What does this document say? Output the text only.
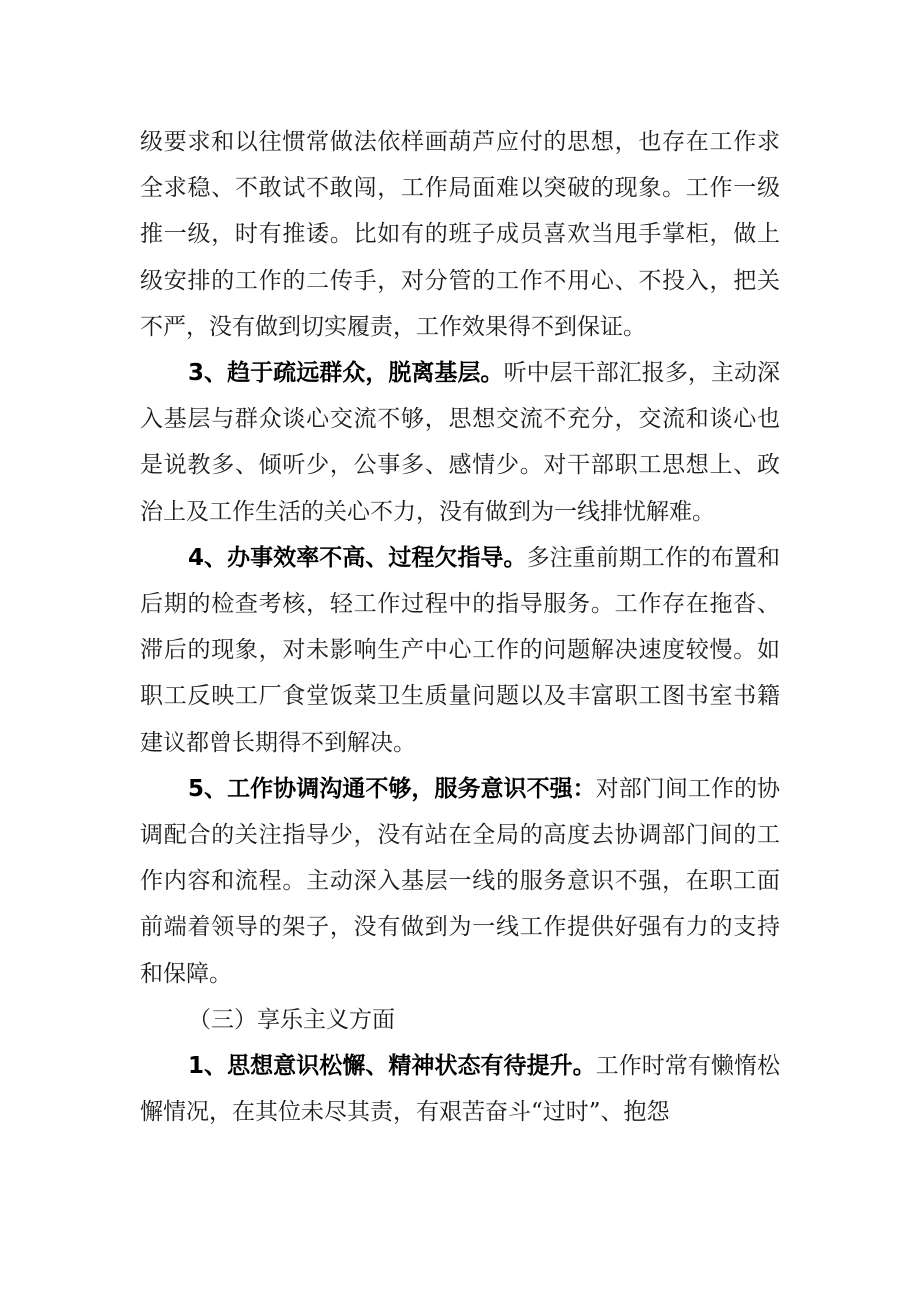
级要求和以往惯常做法依样画葫芦应付的思想，也存在工作求全求稳、不敢试不敢闯，工作局面难以突破的现象。工作一级推一级，时有推诿。比如有的班子成员喜欢当甩手掌柜，做上级安排的工作的二传手，对分管的工作不用心、不投入，把关不严，没有做到切实履责，工作效果得不到保证。

3、趋于疏远群众，脱离基层。听中层干部汇报多，主动深入基层与群众谈心交流不够，思想交流不充分，交流和谈心也是说教多、倾听少，公事多、感情少。对干部职工思想上、政治上及工作生活的关心不力，没有做到为一线排忧解难。

4、办事效率不高、过程欠指导。多注重前期工作的布置和后期的检查考核，轻工作过程中的指导服务。工作存在拖沓、滞后的现象，对未影响生产中心工作的问题解决速度较慢。如职工反映工厂食堂饭菜卫生质量问题以及丰富职工图书室书籍建议都曾长期得不到解决。

5、工作协调沟通不够，服务意识不强：对部门间工作的协调配合的关注指导少，没有站在全局的高度去协调部门间的工作内容和流程。主动深入基层一线的服务意识不强，在职工面前端着领导的架子，没有做到为一线工作提供好强有力的支持和保障。

（三）享乐主义方面

1、思想意识松懈、精神状态有待提升。工作时常有懒惰松懈情况，在其位未尽其责，有艰苦奋斗“过时”、抱怨
